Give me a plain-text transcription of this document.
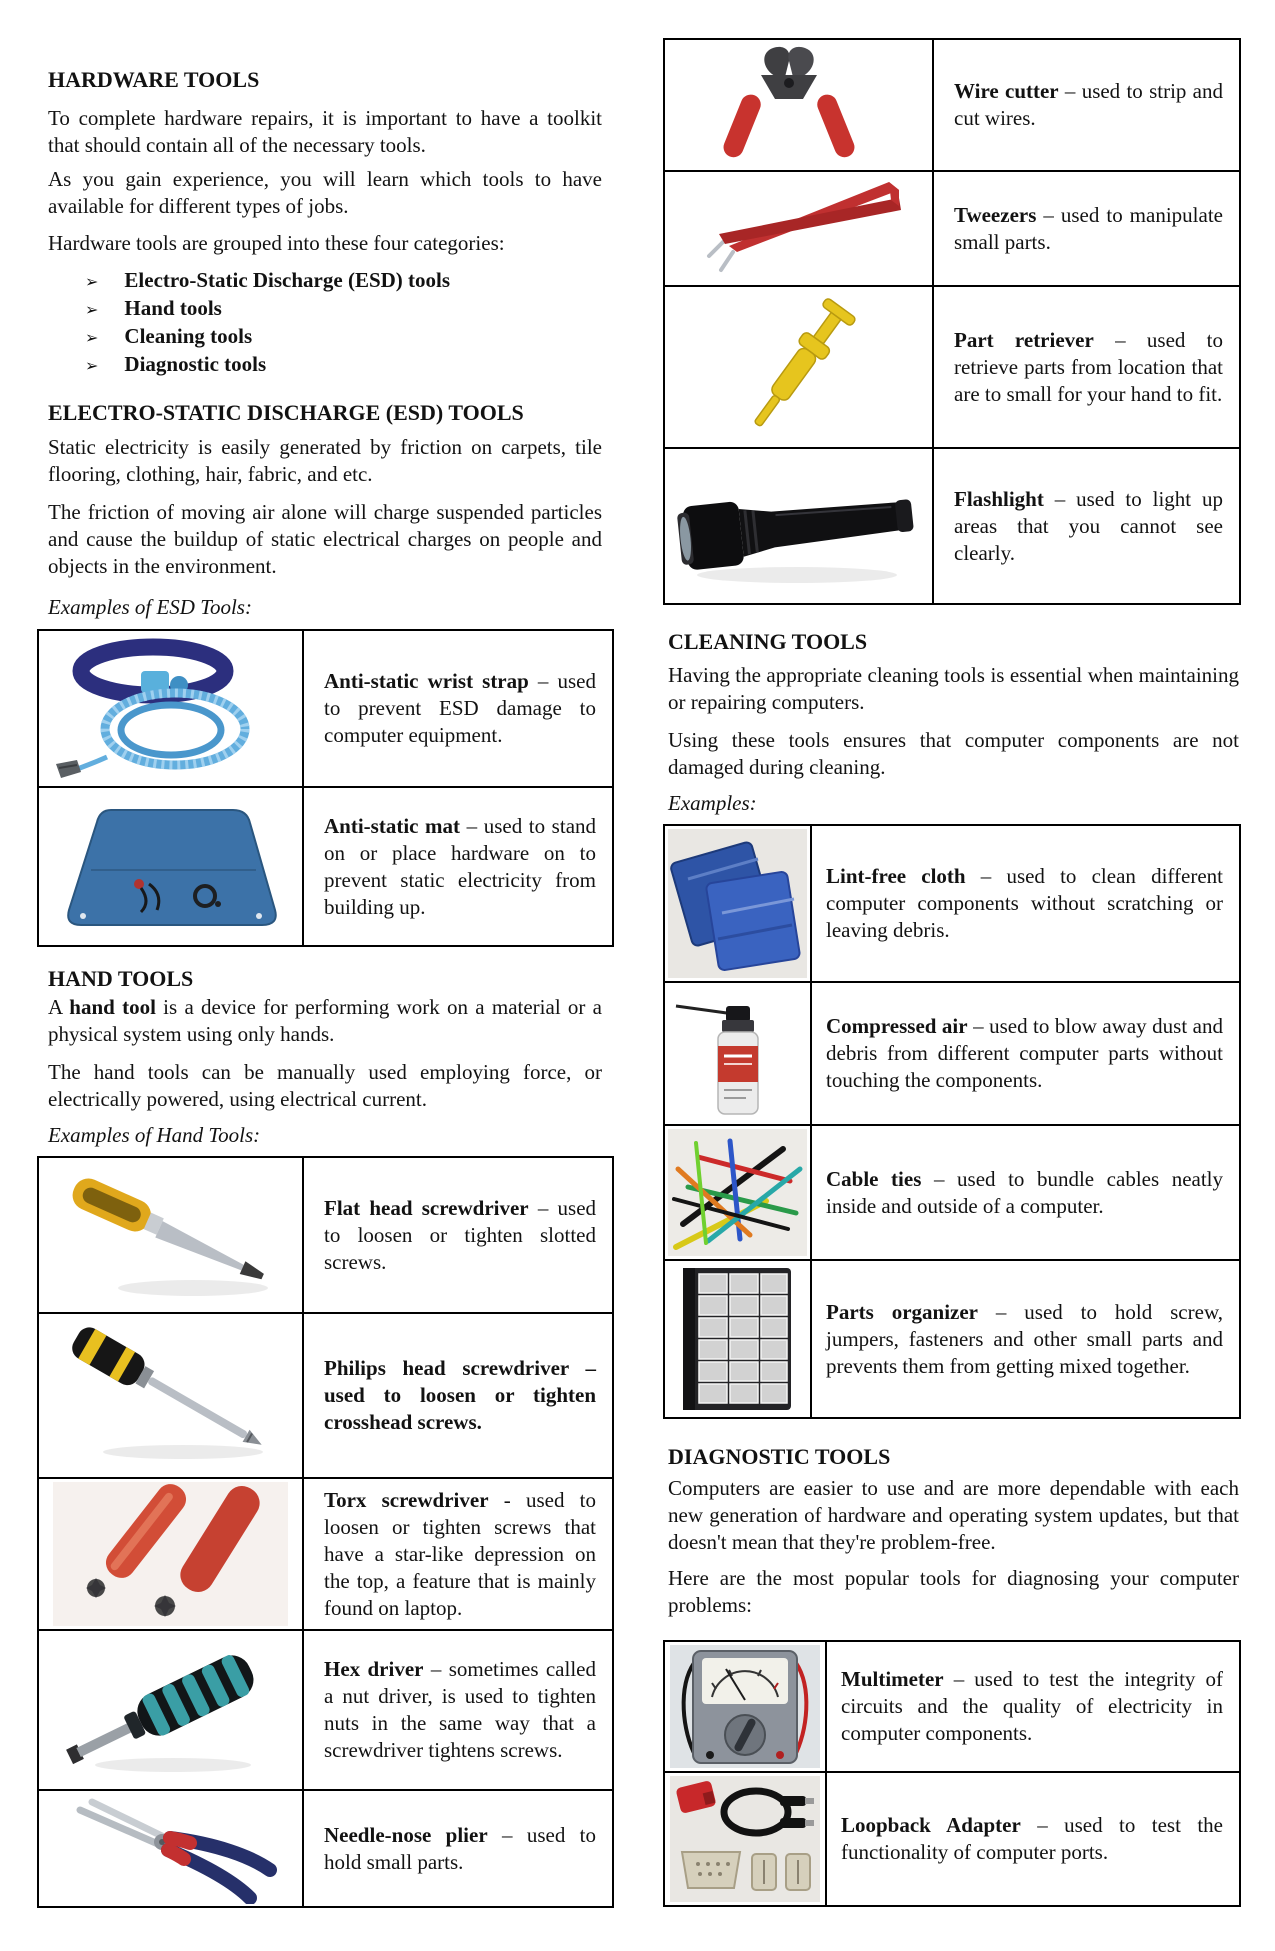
HARDWARE TOOLS

To complete hardware repairs, it is important to have a toolkit that should contain all of the necessary tools.

As you gain experience, you will learn which tools to have available for different types of jobs.

Hardware tools are grouped into these four categories:

➢ Electro-Static Discharge (ESD) tools
➢ Hand tools
➢ Cleaning tools
➢ Diagnostic tools
ELECTRO-STATIC DISCHARGE (ESD) TOOLS

Static electricity is easily generated by friction on carpets, tile flooring, clothing, hair, fabric, and etc.

The friction of moving air alone will charge suspended particles and cause the buildup of static electrical charges on people and objects in the environment.

Examples of ESD Tools:

Anti-static wrist strap – used to prevent ESD damage to computer equipment.

Anti-static mat – used to stand on or place hardware on to prevent static electricity from building up.

HAND TOOLS

A hand tool is a device for performing work on a material or a physical system using only hands.

The hand tools can be manually used employing force, or electrically powered, using electrical current.

Examples of Hand Tools:

Flat head screwdriver – used to loosen or tighten slotted screws.

Philips head screwdriver – used to loosen or tighten crosshead screws.

Torx screwdriver - used to loosen or tighten screws that have a star-like depression on the top, a feature that is mainly found on laptop.

Hex driver – sometimes called a nut driver, is used to tighten nuts in the same way that a screwdriver tightens screws.

Needle-nose plier – used to hold small parts.

Wire cutter – used to strip and cut wires.

Tweezers – used to manipulate small parts.

Part retriever – used to retrieve parts from location that are to small for your hand to fit.

Flashlight – used to light up areas that you cannot see clearly.

CLEANING TOOLS

Having the appropriate cleaning tools is essential when maintaining or repairing computers.

Using these tools ensures that computer components are not damaged during cleaning.

Examples:

Lint-free cloth – used to clean different computer components without scratching or leaving debris.

Compressed air – used to blow away dust and debris from different computer parts without touching the components.

Cable ties – used to bundle cables neatly inside and outside of a computer.

Parts organizer – used to hold screw, jumpers, fasteners and other small parts and prevents them from getting mixed together.

DIAGNOSTIC TOOLS

Computers are easier to use and are more dependable with each new generation of hardware and operating system updates, but that doesn't mean that they're problem-free.

Here are the most popular tools for diagnosing your computer problems:

Multimeter – used to test the integrity of circuits and the quality of electricity in computer components.

Loopback Adapter – used to test the functionality of computer ports.
